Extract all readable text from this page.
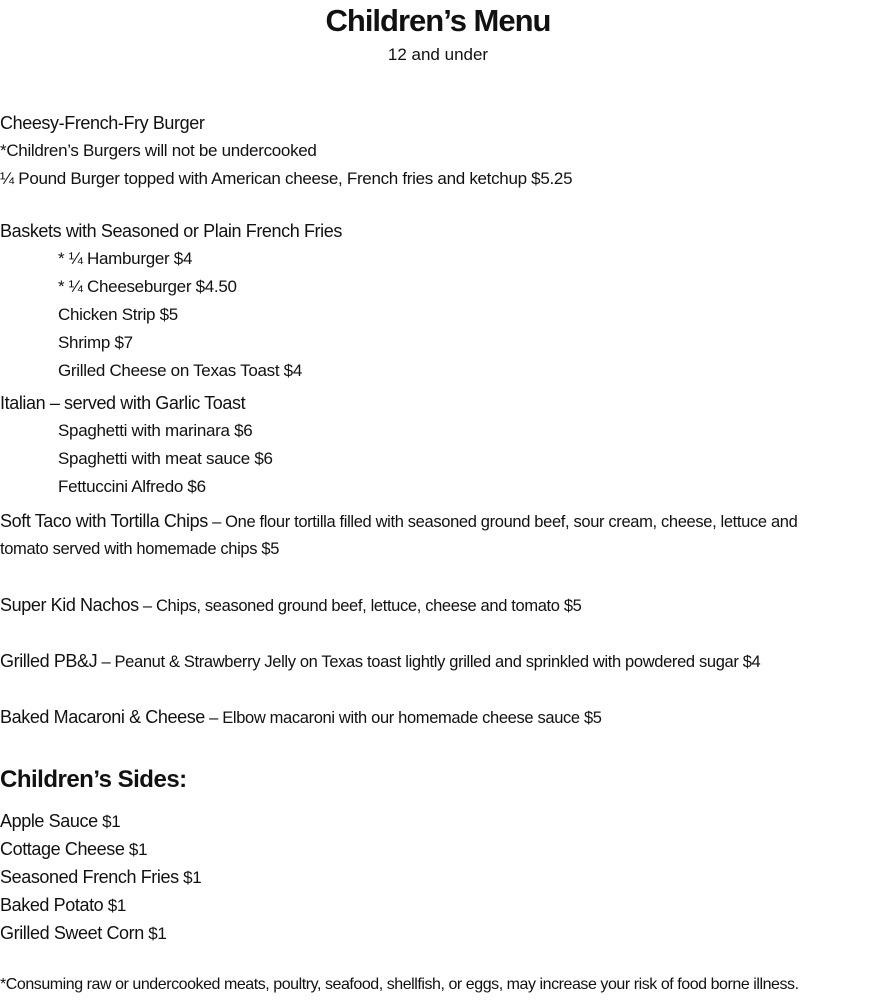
Children’s Menu
12 and under
Cheesy-French-Fry Burger
*Children’s Burgers will not be undercooked
¼ Pound Burger topped with American cheese, French fries and ketchup $5.25
Baskets with Seasoned or Plain French Fries
* ¼ Hamburger $4
* ¼ Cheeseburger $4.50
Chicken Strip $5
Shrimp $7
Grilled Cheese on Texas Toast $4
Italian – served with Garlic Toast
Spaghetti with marinara $6
Spaghetti with meat sauce $6
Fettuccini Alfredo $6
Soft Taco with Tortilla Chips – One flour tortilla filled with seasoned ground beef, sour cream, cheese, lettuce and
tomato served with homemade chips $5
Super Kid Nachos – Chips, seasoned ground beef, lettuce, cheese and tomato $5
Grilled PB&J – Peanut & Strawberry Jelly on Texas toast lightly grilled and sprinkled with powdered sugar $4
Baked Macaroni & Cheese – Elbow macaroni with our homemade cheese sauce $5
Children’s Sides:
Apple Sauce $1
Cottage Cheese $1
Seasoned French Fries $1
Baked Potato $1
Grilled Sweet Corn $1
*Consuming raw or undercooked meats, poultry, seafood, shellfish, or eggs, may increase your risk of food borne illness.
